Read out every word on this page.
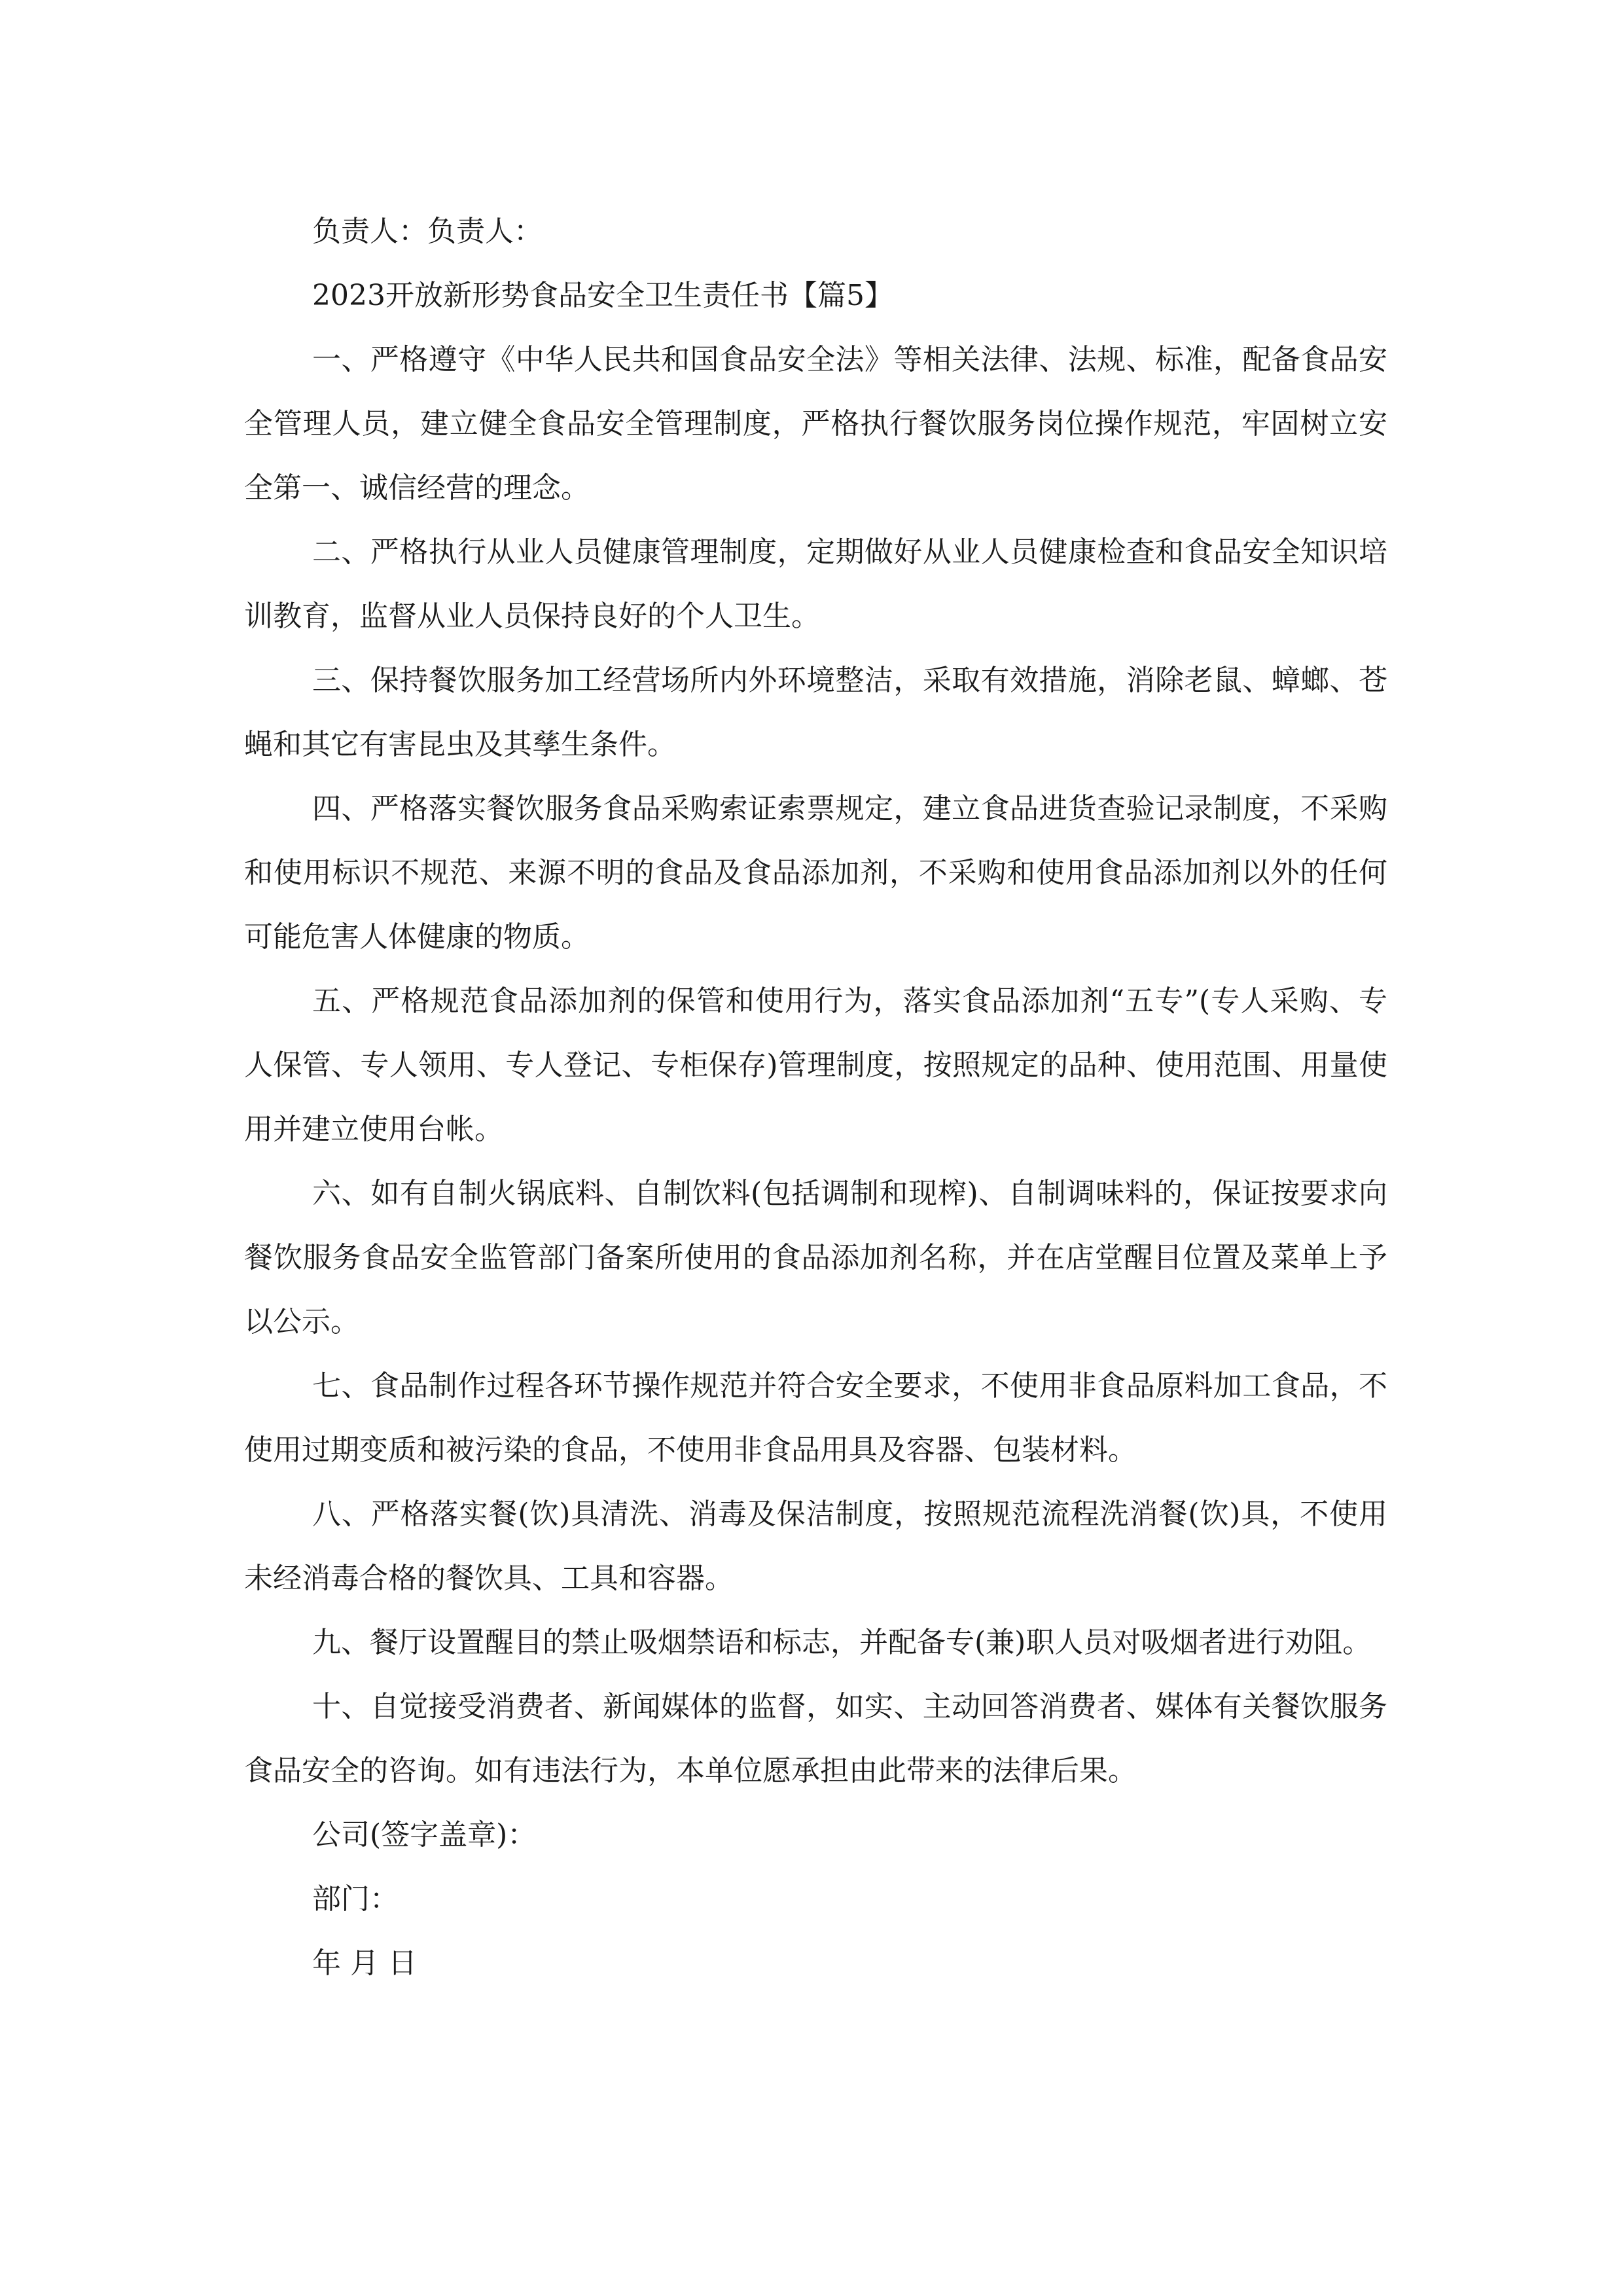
负责人：负责人：

2023开放新形势食品安全卫生责任书【篇5】

一、严格遵守《中华人民共和国食品安全法》等相关法律、法规、标准，配备食品安全管理人员，建立健全食品安全管理制度，严格执行餐饮服务岗位操作规范，牢固树立安全第一、诚信经营的理念。

二、严格执行从业人员健康管理制度，定期做好从业人员健康检查和食品安全知识培训教育，监督从业人员保持良好的个人卫生。

三、保持餐饮服务加工经营场所内外环境整洁，采取有效措施，消除老鼠、蟑螂、苍蝇和其它有害昆虫及其孳生条件。

四、严格落实餐饮服务食品采购索证索票规定，建立食品进货查验记录制度，不采购和使用标识不规范、来源不明的食品及食品添加剂，不采购和使用食品添加剂以外的任何可能危害人体健康的物质。

五、严格规范食品添加剂的保管和使用行为，落实食品添加剂“五专”(专人采购、专人保管、专人领用、专人登记、专柜保存)管理制度，按照规定的品种、使用范围、用量使用并建立使用台帐。

六、如有自制火锅底料、自制饮料(包括调制和现榨)、自制调味料的，保证按要求向餐饮服务食品安全监管部门备案所使用的食品添加剂名称，并在店堂醒目位置及菜单上予以公示。

七、食品制作过程各环节操作规范并符合安全要求，不使用非食品原料加工食品，不使用过期变质和被污染的食品，不使用非食品用具及容器、包装材料。

八、严格落实餐(饮)具清洗、消毒及保洁制度，按照规范流程洗消餐(饮)具，不使用未经消毒合格的餐饮具、工具和容器。

九、餐厅设置醒目的禁止吸烟禁语和标志，并配备专(兼)职人员对吸烟者进行劝阻。

十、自觉接受消费者、新闻媒体的监督，如实、主动回答消费者、媒体有关餐饮服务食品安全的咨询。如有违法行为，本单位愿承担由此带来的法律后果。

公司(签字盖章)：

部门：

年 月 日
